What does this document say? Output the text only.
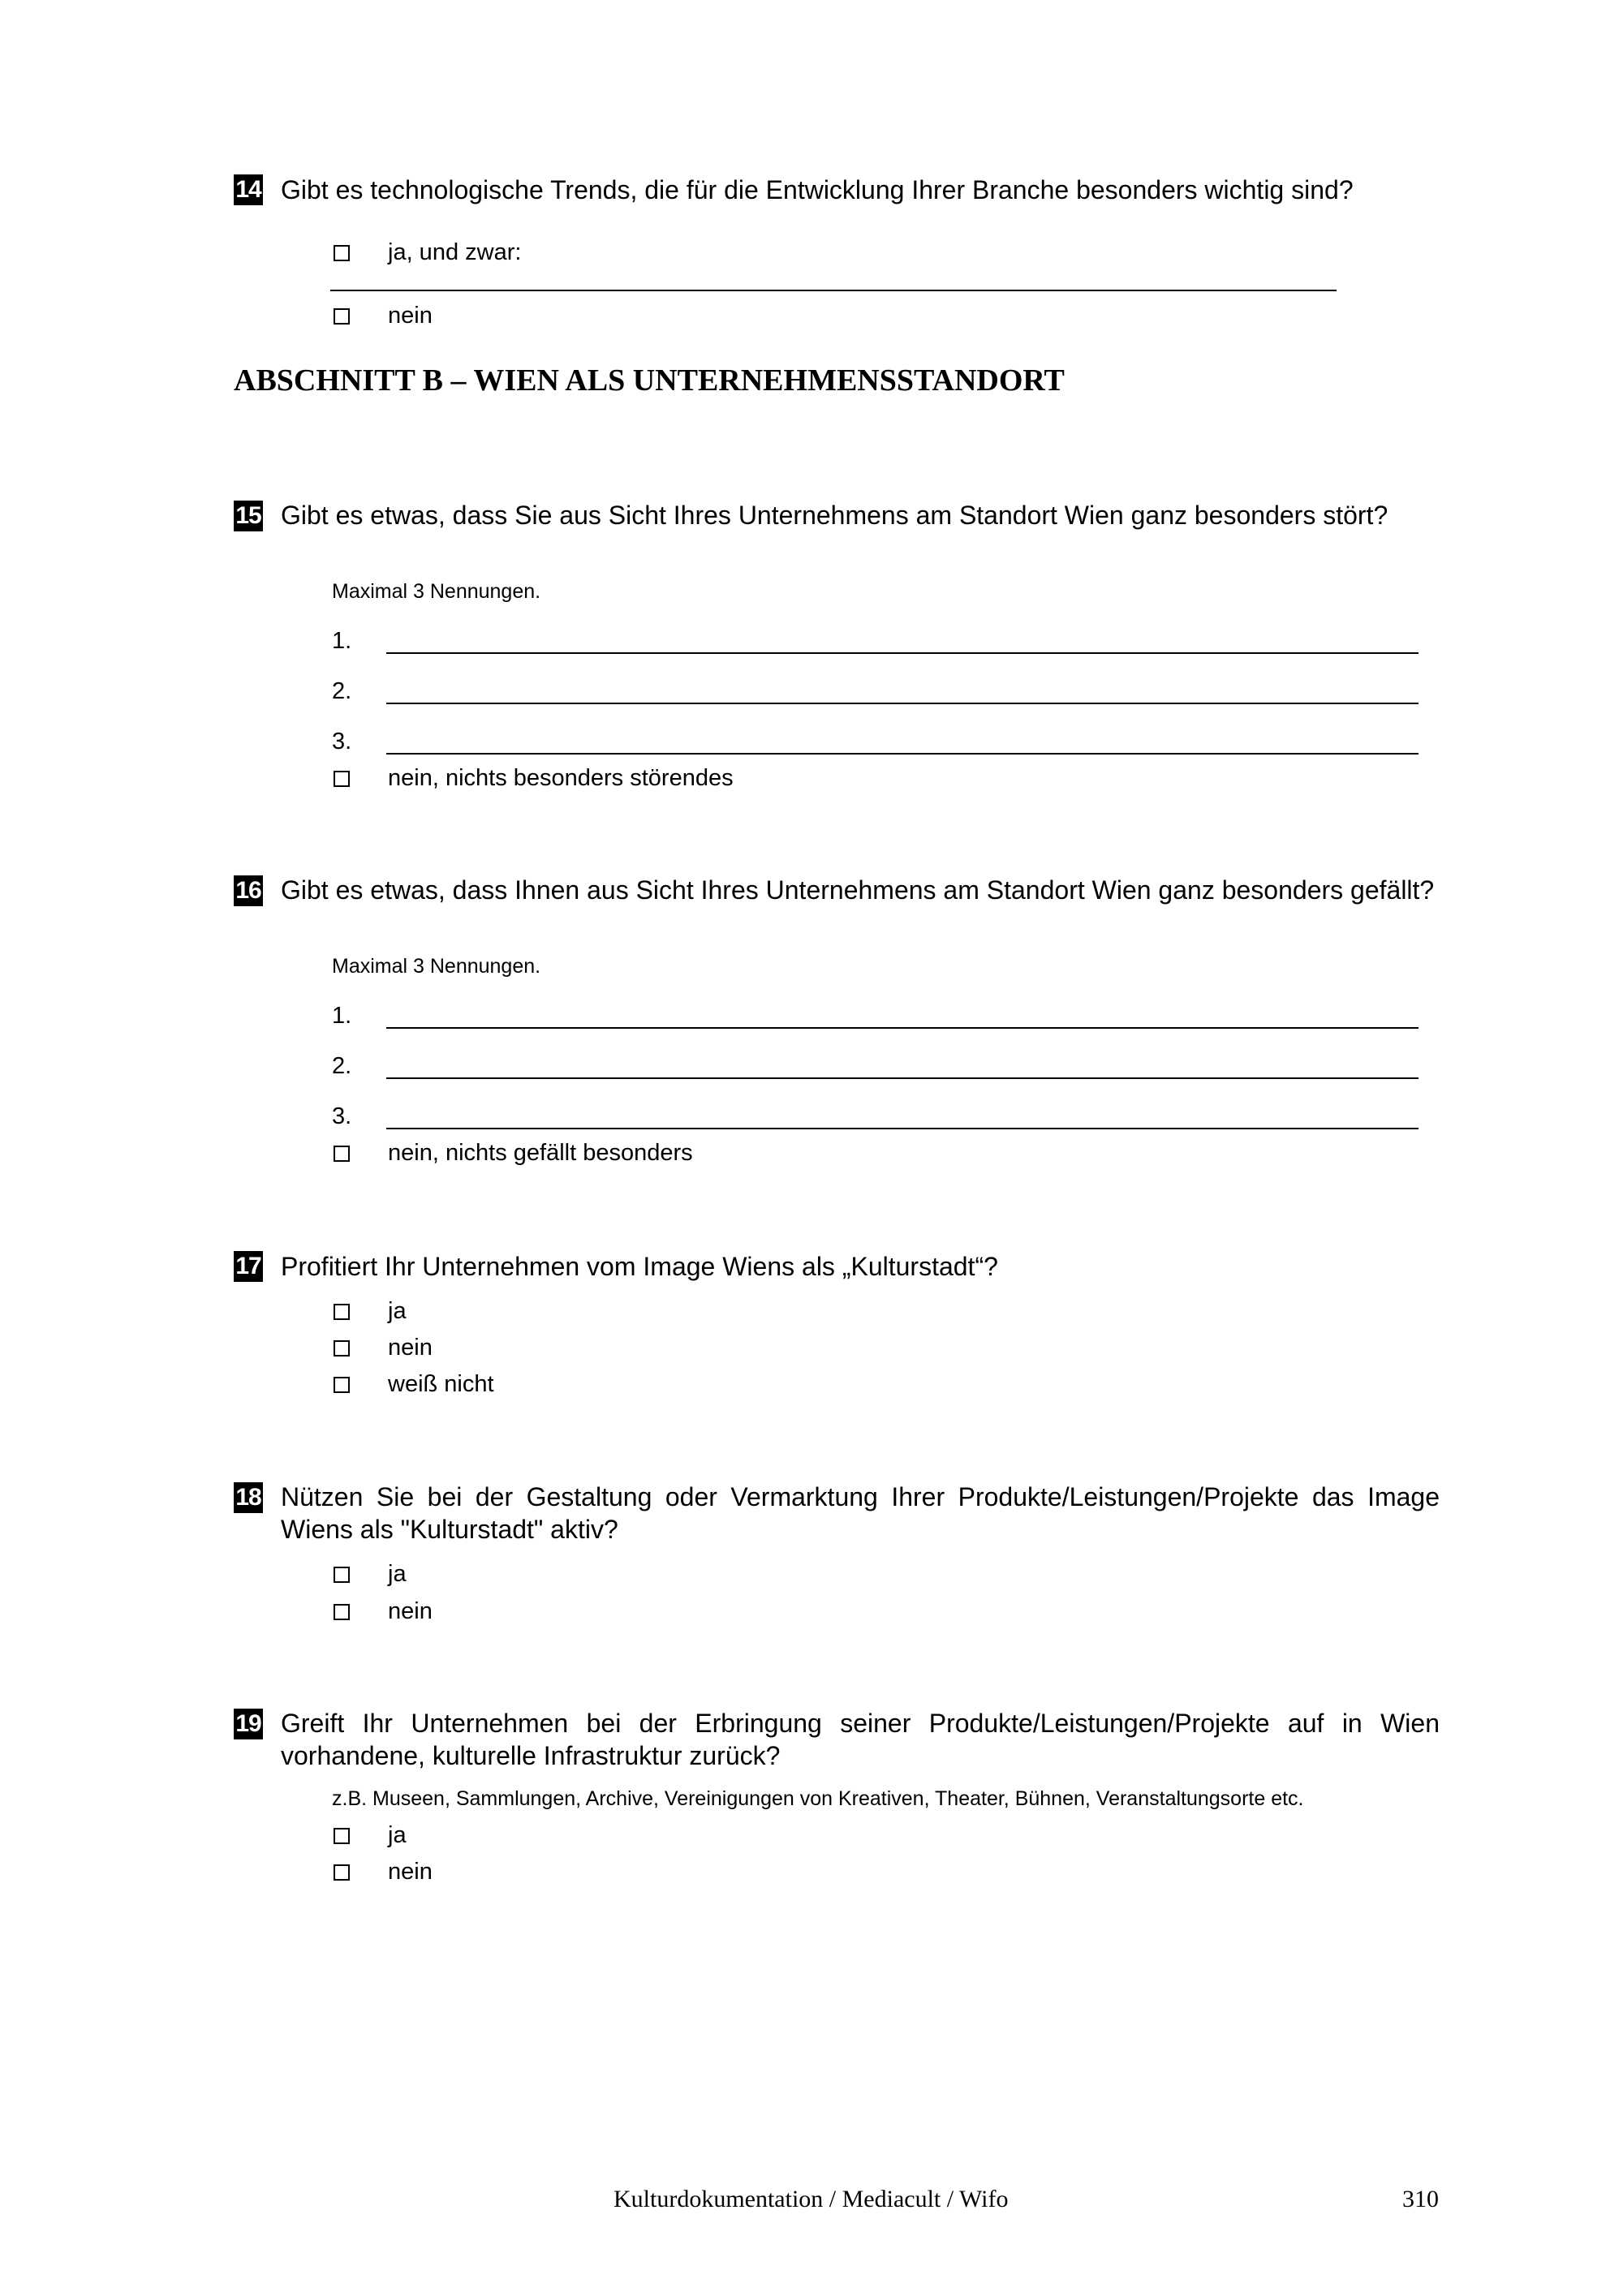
14 Gibt es technologische Trends, die für die Entwicklung Ihrer Branche besonders wichtig sind?
ja, und zwar:
nein
ABSCHNITT B – WIEN ALS UNTERNEHMENSSTANDORT
15 Gibt es etwas, dass Sie aus Sicht Ihres Unternehmens am Standort Wien ganz besonders stört?
Maximal 3 Nennungen.
1.
2.
3.
nein, nichts besonders störendes
16 Gibt es etwas, dass Ihnen aus Sicht Ihres Unternehmens am Standort Wien ganz besonders gefällt?
Maximal 3 Nennungen.
1.
2.
3.
nein, nichts gefällt besonders
17 Profitiert Ihr Unternehmen vom Image Wiens als „Kulturstadt“?
ja
nein
weiß nicht
18 Nützen Sie bei der Gestaltung oder Vermarktung Ihrer Produkte/Leistungen/Projekte das Image Wiens als "Kulturstadt" aktiv?
ja
nein
19 Greift Ihr Unternehmen bei der Erbringung seiner Produkte/Leistungen/Projekte auf in Wien vorhandene, kulturelle Infrastruktur zurück?
z.B. Museen, Sammlungen, Archive, Vereinigungen von Kreativen, Theater, Bühnen, Veranstaltungsorte etc.
ja
nein
Kulturdokumentation / Mediacult / Wifo	310
